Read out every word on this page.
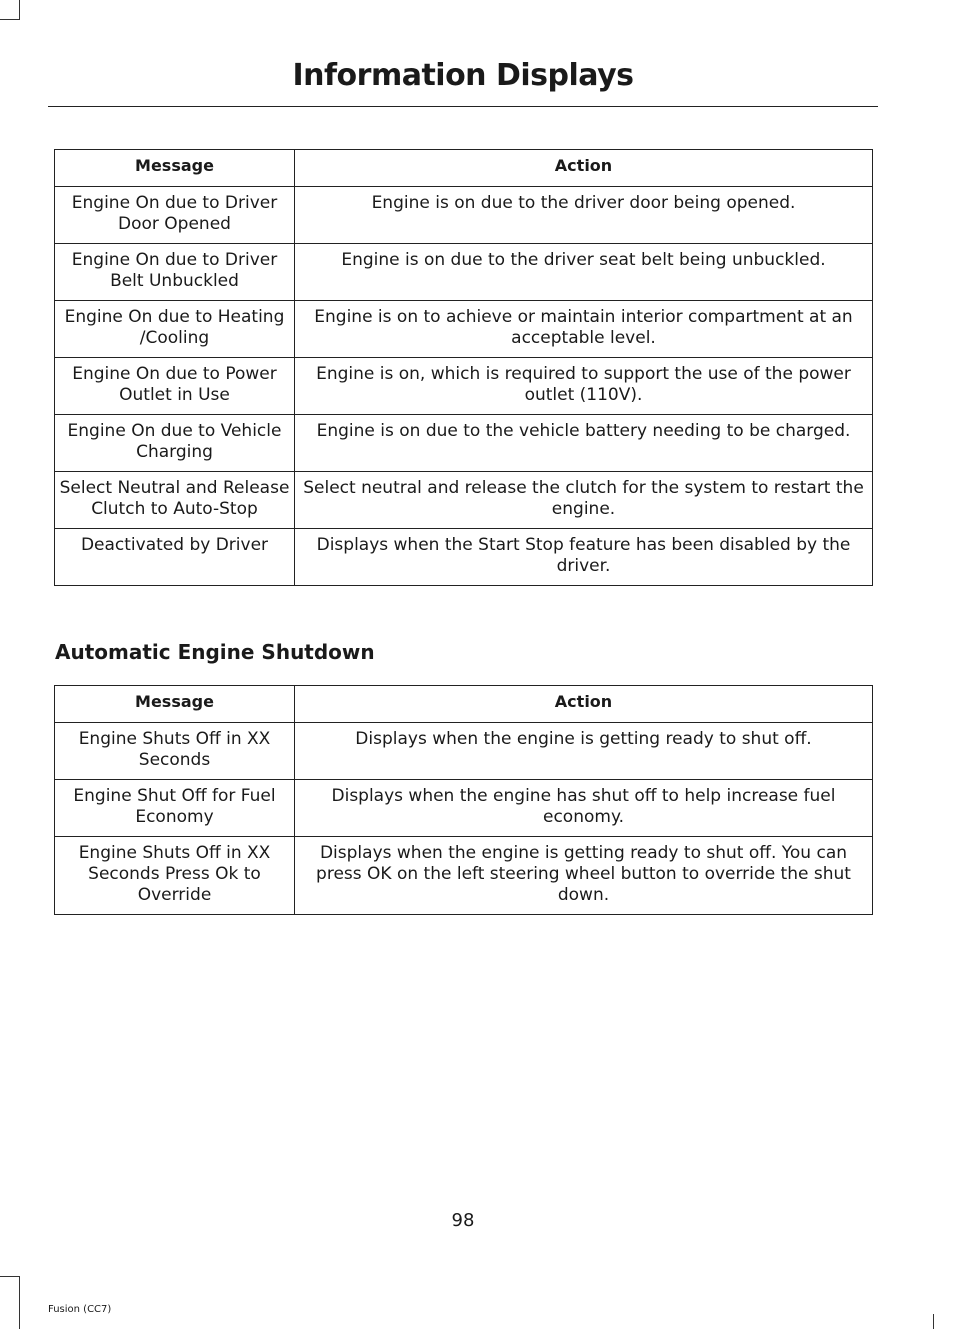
Information Displays
Message	Action
Engine On due to Driver Door Opened	Engine is on due to the driver door being opened.
Engine On due to Driver Belt Unbuckled	Engine is on due to the driver seat belt being unbuckled.
Engine On due to Heating /Cooling	Engine is on to achieve or maintain interior compartment at an acceptable level.
Engine On due to Power Outlet in Use	Engine is on, which is required to support the use of the power outlet (110V).
Engine On due to Vehicle Charging	Engine is on due to the vehicle battery needing to be charged.
Select Neutral and Release Clutch to Auto-Stop	Select neutral and release the clutch for the system to restart the engine.
Deactivated by Driver	Displays when the Start Stop feature has been disabled by the driver.
Automatic Engine Shutdown
Message	Action
Engine Shuts Off in XX Seconds	Displays when the engine is getting ready to shut off.
Engine Shut Off for Fuel Economy	Displays when the engine has shut off to help increase fuel economy.
Engine Shuts Off in XX Seconds Press Ok to Override	Displays when the engine is getting ready to shut off. You can press OK on the left steering wheel button to override the shut down.
98
Fusion (CC7)
